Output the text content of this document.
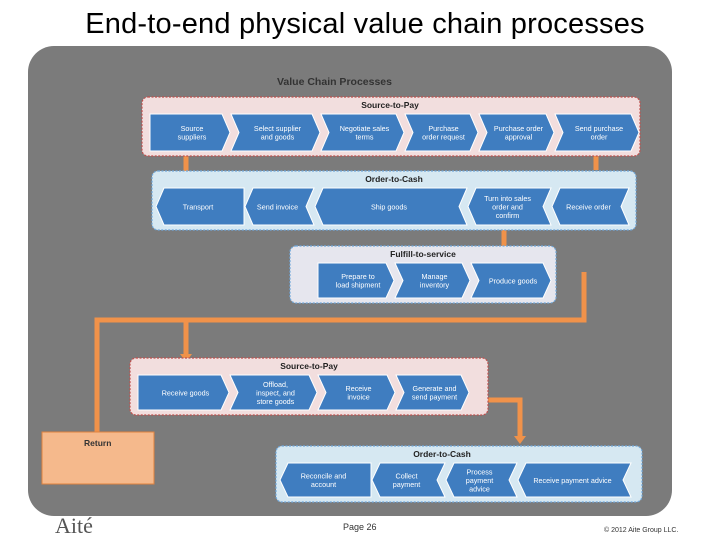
End-to-end physical value chain processes
Value Chain Processes
Return
Source-to-Pay
Source suppliers
Select supplier and goods
Negotiate sales terms
Purchase order request
Purchase order approval
Send purchase order
Order-to-Cash
Transport	Send invoice	Ship goods
Turn into sales order and confirm
Receive order
Fulfill-to-service
Prepare to load shipment
Manage inventory	Produce goods
Source-to-Pay
Receive goods
Offload, inspect, and store goods
Receive invoice
Generate and send payment
Order-to-Cash
Reconcile and account
Collect payment
Process payment advice
Receive payment advice
Page 26	© 2012 Aite Group LLC.
Aité
